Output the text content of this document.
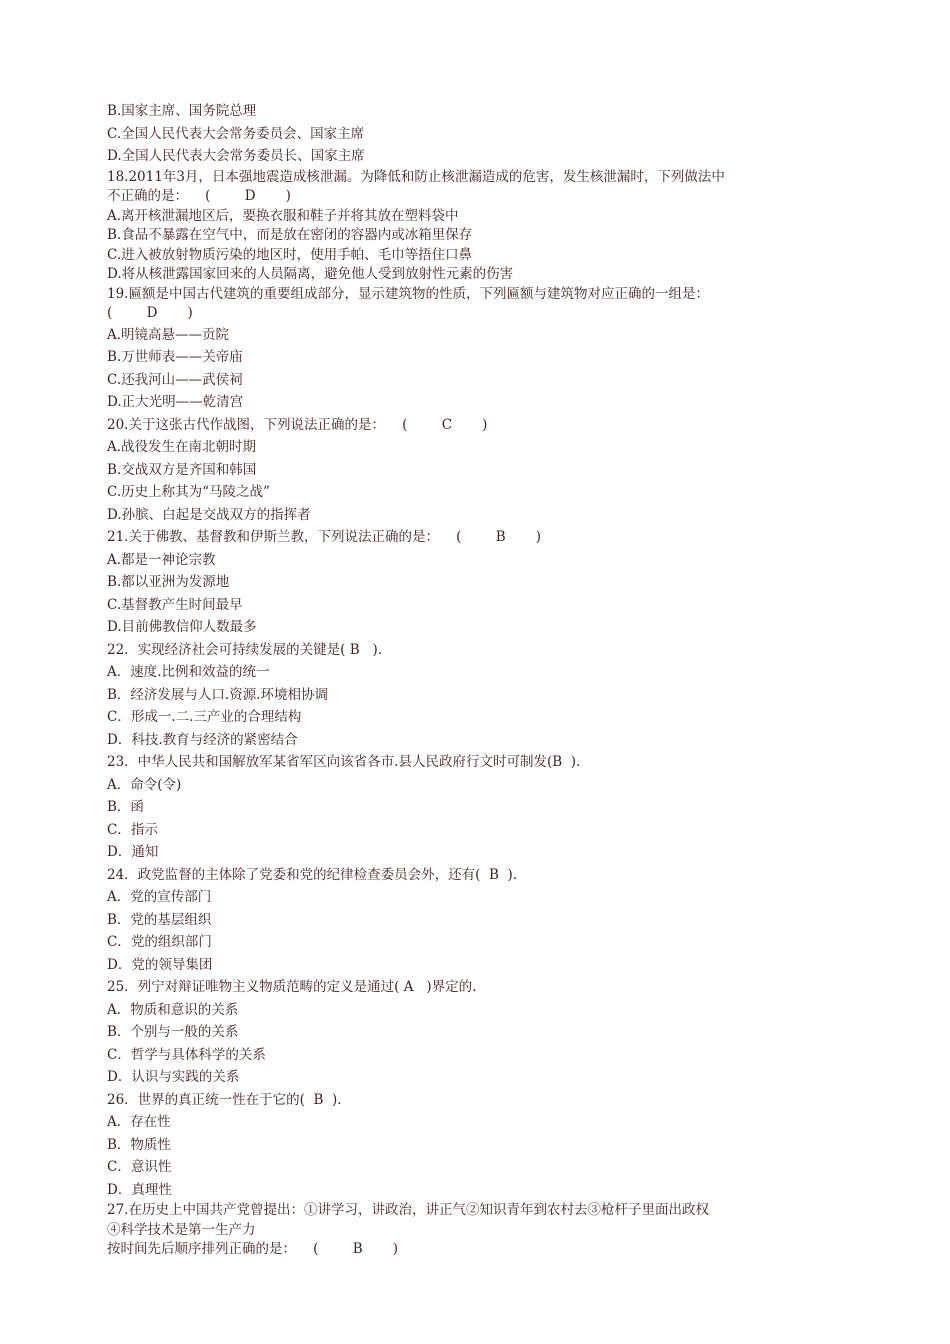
B.国家主席、国务院总理
C.全国人民代表大会常务委员会、国家主席
D.全国人民代表大会常务委员长、国家主席
18.2011年3月，日本强地震造成核泄漏。为降低和防止核泄漏造成的危害，发生核泄漏时，下列做法中
不正确的是：    (        D       )
A.离开核泄漏地区后，要换衣服和鞋子并将其放在塑料袋中
B.食品不暴露在空气中，而是放在密闭的容器内或冰箱里保存
C.进入被放射物质污染的地区时，使用手帕、毛巾等捂住口鼻
D.将从核泄露国家回来的人员隔离，避免他人受到放射性元素的伤害
19.匾额是中国古代建筑的重要组成部分，显示建筑物的性质，下列匾额与建筑物对应正确的一组是：
(        D       )
A.明镜高悬——贡院
B.万世师表——关帝庙
C.还我河山——武侯祠
D.正大光明——乾清宫
20.关于这张古代作战图，下列说法正确的是：    (        C       )
A.战役发生在南北朝时期
B.交战双方是齐国和韩国
C.历史上称其为“马陵之战”
D.孙膑、白起是交战双方的指挥者
21.关于佛教、基督教和伊斯兰教，下列说法正确的是：    (        B       )
A.都是一神论宗教
B.都以亚洲为发源地
C.基督教产生时间最早
D.目前佛教信仰人数最多
22．实现经济社会可持续发展的关键是( B   ).
A．速度.比例和效益的统一
B．经济发展与人口.资源.环境相协调
C．形成一.二.三产业的合理结构
D．科技.教育与经济的紧密结合
23．中华人民共和国解放军某省军区向该省各市.县人民政府行文时可制发(B  ).
A．命令(令)
B．函
C．指示
D．通知
24．政党监督的主体除了党委和党的纪律检查委员会外，还有(  B  ).
A．党的宣传部门
B．党的基层组织
C．党的组织部门
D．党的领导集团
25．列宁对辩证唯物主义物质范畴的定义是通过( A   )界定的.
A．物质和意识的关系
B．个别与一般的关系
C．哲学与具体科学的关系
D．认识与实践的关系
26．世界的真正统一性在于它的(  B  ).
A．存在性
B．物质性
C．意识性
D．真理性
27.在历史上中国共产党曾提出：①讲学习，讲政治，讲正气②知识青年到农村去③枪杆子里面出政权
④科学技术是第一生产力
按时间先后顺序排列正确的是：    (        B       )
